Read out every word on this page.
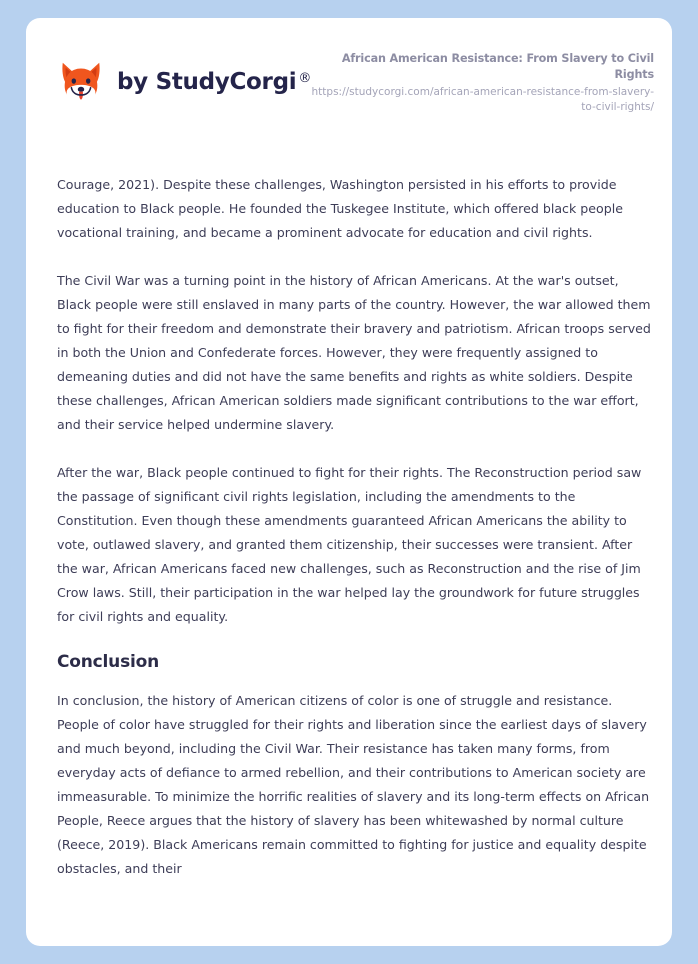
by StudyCorgi ®
African American Resistance: From Slavery to Civil Rights
https://studycorgi.com/african-american-resistance-from-slavery-to-civil-rights/

Courage, 2021). Despite these challenges, Washington persisted in his efforts to provide education to Black people. He founded the Tuskegee Institute, which offered black people vocational training, and became a prominent advocate for education and civil rights.

The Civil War was a turning point in the history of African Americans. At the war's outset, Black people were still enslaved in many parts of the country. However, the war allowed them to fight for their freedom and demonstrate their bravery and patriotism. African troops served in both the Union and Confederate forces. However, they were frequently assigned to demeaning duties and did not have the same benefits and rights as white soldiers. Despite these challenges, African American soldiers made significant contributions to the war effort, and their service helped undermine slavery.

After the war, Black people continued to fight for their rights. The Reconstruction period saw the passage of significant civil rights legislation, including the amendments to the Constitution. Even though these amendments guaranteed African Americans the ability to vote, outlawed slavery, and granted them citizenship, their successes were transient. After the war, African Americans faced new challenges, such as Reconstruction and the rise of Jim Crow laws. Still, their participation in the war helped lay the groundwork for future struggles for civil rights and equality.

Conclusion

In conclusion, the history of American citizens of color is one of struggle and resistance. People of color have struggled for their rights and liberation since the earliest days of slavery and much beyond, including the Civil War. Their resistance has taken many forms, from everyday acts of defiance to armed rebellion, and their contributions to American society are immeasurable. To minimize the horrific realities of slavery and its long-term effects on African People, Reece argues that the history of slavery has been whitewashed by normal culture (Reece, 2019). Black Americans remain committed to fighting for justice and equality despite obstacles, and their
